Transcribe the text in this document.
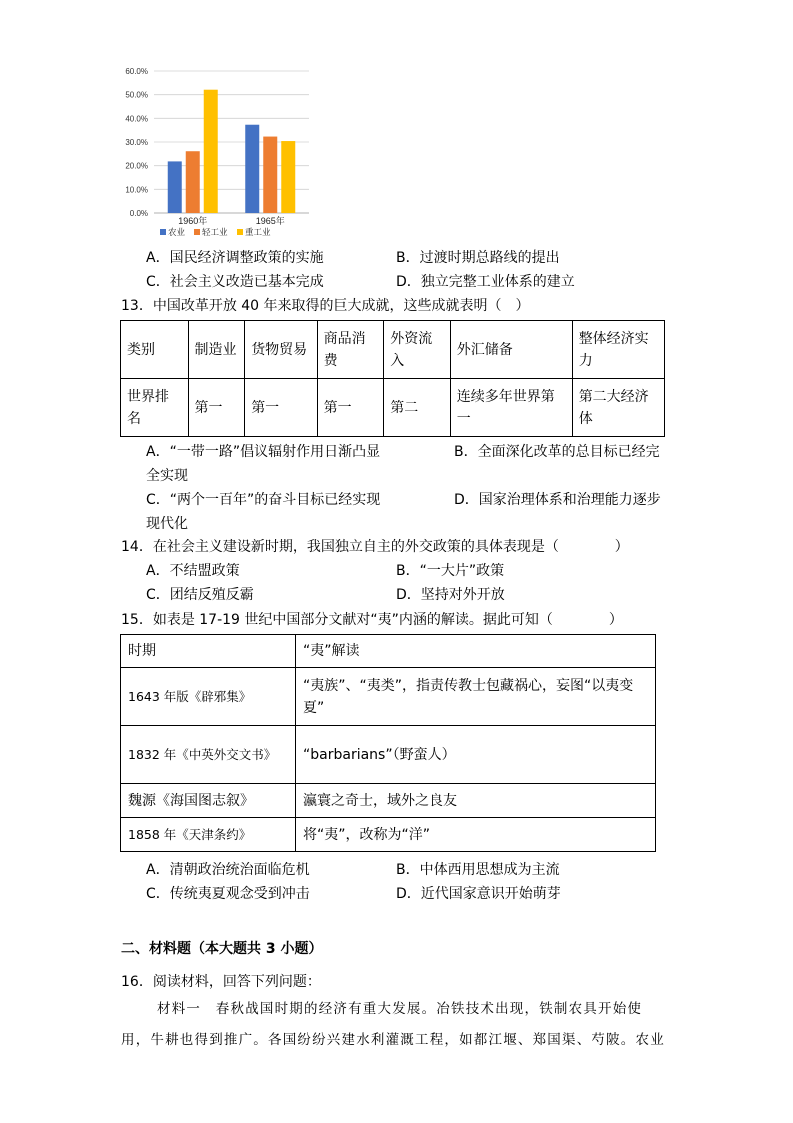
0.0%
10.0%
20.0%
30.0%
40.0%
50.0%
60.0%
1960年	1965年
农业 轻工业 重工业
A．国民经济调整政策的实施	B．过渡时期总路线的提出
C．社会主义改造已基本完成	D．独立完整工业体系的建立
13．中国改革开放 40 年来取得的巨大成就，这些成就表明（　）
类别	制造业	货物贸易	商品消费	外资流入	外汇储备	整体经济实力
世界排名	第一	第一	第一	第二	连续多年世界第一	第二大经济体
A．“一带一路”倡议辐射作用日渐凸显	B．全面深化改革的总目标已经完全实现
C．“两个一百年”的奋斗目标已经实现	D．国家治理体系和治理能力逐步现代化
14．在社会主义建设新时期，我国独立自主的外交政策的具体表现是（　　　　）
A．不结盟政策	B．“一大片”政策
C．团结反殖反霸	D．坚持对外开放
15．如表是 17-19 世纪中国部分文献对“夷”内涵的解读。据此可知（　　　　）
时期	“夷”解读
1643 年版《辟邪集》	“夷族”、“夷类”，指责传教士包藏祸心，妄图“以夷变夏”
1832 年《中英外交文书》	“barbarians”（野蛮人）
魏源《海国图志叙》	瀛寰之奇士，域外之良友
1858 年《天津条约》	将“夷”，改称为“洋”
A．清朝政治统治面临危机	B．中体西用思想成为主流
C．传统夷夏观念受到冲击	D．近代国家意识开始萌芽
二、材料题（本大题共 3 小题）
16．阅读材料，回答下列问题：
材料一　春秋战国时期的经济有重大发展。冶铁技术出现，铁制农具开始使用，牛耕也得到推广。各国纷纷兴建水利灌溉工程，如都江堰、郑国渠、芍陂。农业
